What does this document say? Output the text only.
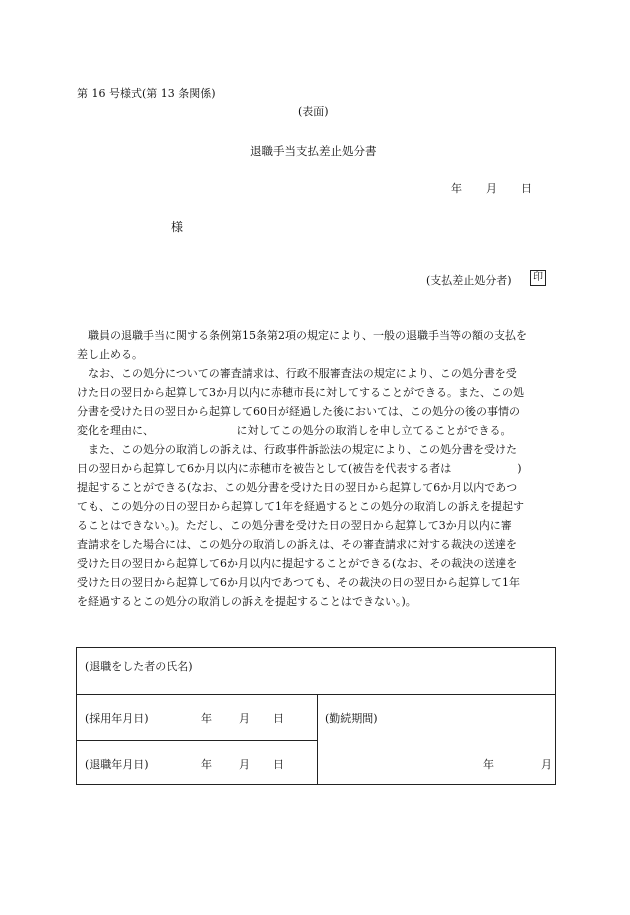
第 16 号様式(第 13 条関係)
(表面)
退職手当支払差止処分書
年 月 日
様
(支払差止処分者)	印

　職員の退職手当に関する条例第15条第2項の規定により、一般の退職手当等の額の支払を

差し止める。

　なお、この処分についての審査請求は、行政不服審査法の規定により、この処分書を受

けた日の翌日から起算して3か月以内に赤穂市長に対してすることができる。また、この処

分書を受けた日の翌日から起算して60日が経過した後においては、この処分の後の事情の

変化を理由に、　　　　　　　　に対してこの処分の取消しを申し立てることができる。

　また、この処分の取消しの訴えは、行政事件訴訟法の規定により、この処分書を受けた

日の翌日から起算して6か月以内に赤穂市を被告として(被告を代表する者は　　　　　　)

提起することができる(なお、この処分書を受けた日の翌日から起算して6か月以内であつ

ても、この処分の日の翌日から起算して1年を経過するとこの処分の取消しの訴えを提起す

ることはできない。)。ただし、この処分書を受けた日の翌日から起算して3か月以内に審

査請求をした場合には、この処分の取消しの訴えは、その審査請求に対する裁決の送達を

受けた日の翌日から起算して6か月以内に提起することができる(なお、その裁決の送達を

受けた日の翌日から起算して6か月以内であつても、その裁決の日の翌日から起算して1年

を経過するとこの処分の取消しの訴えを提起することはできない。)。

(退職をした者の氏名)
(採用年月日)	年 月 日
(退職年月日)	年 月 日
(勤続期間)
年	月
